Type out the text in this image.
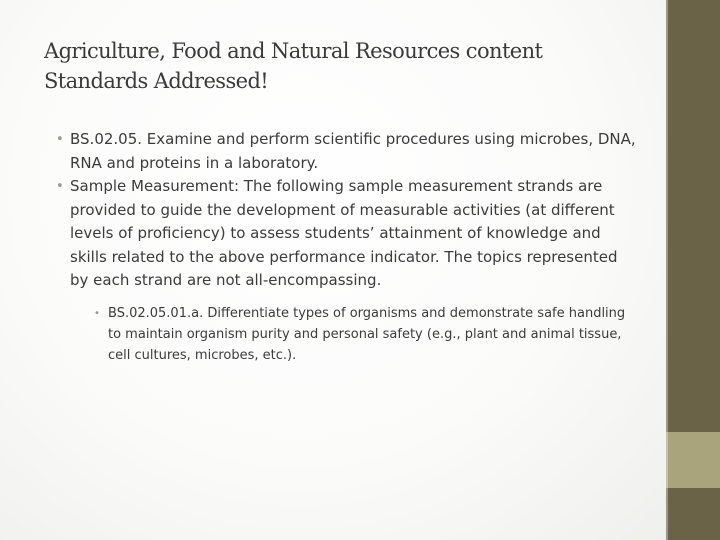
Agriculture, Food and Natural Resources content Standards Addressed!
• BS.02.05. Examine and perform scientific procedures using microbes, DNA, RNA and proteins in a laboratory.
• Sample Measurement: The following sample measurement strands are provided to guide the development of measurable activities (at different levels of proficiency) to assess students’ attainment of knowledge and skills related to the above performance indicator. The topics represented by each strand are not all-encompassing.
• BS.02.05.01.a. Differentiate types of organisms and demonstrate safe handling to maintain organism purity and personal safety (e.g., plant and animal tissue, cell cultures, microbes, etc.).
